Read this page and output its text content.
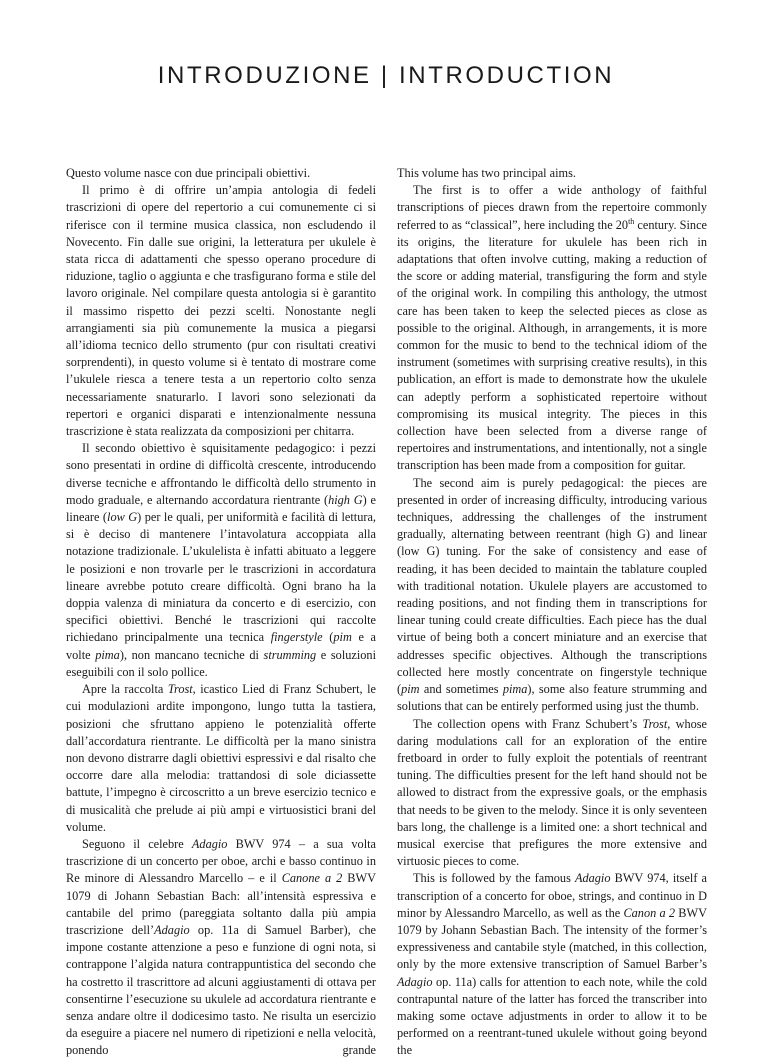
INTRODUZIONE | INTRODUCTION

Questo volume nasce con due principali obiettivi.

Il primo è di offrire un’ampia antologia di fedeli trascrizioni di opere del repertorio a cui comunemente ci si riferisce con il termine musica classica, non escludendo il Novecento. Fin dalle sue origini, la letteratura per ukulele è stata ricca di adattamenti che spesso operano procedure di riduzione, taglio o aggiunta e che trasfigurano forma e stile del lavoro originale. Nel compilare questa antologia si è garantito il massimo rispetto dei pezzi scelti. Nonostante negli arrangiamenti sia più comunemente la musica a piegarsi all’idioma tecnico dello strumento (pur con risultati creativi sorprendenti), in questo volume si è tentato di mostrare come l’ukulele riesca a tenere testa a un repertorio colto senza necessariamente snaturarlo. I lavori sono selezionati da repertori e organici disparati e intenzionalmente nessuna trascrizione è stata realizzata da composizioni per chitarra.

Il secondo obiettivo è squisitamente pedagogico: i pezzi sono presentati in ordine di difficoltà crescente, introducendo diverse tecniche e affrontando le difficoltà dello strumento in modo graduale, e alternando accordatura rientrante (high G) e lineare (low G) per le quali, per uniformità e facilità di lettura, si è deciso di mantenere l’intavolatura accoppiata alla notazione tradizionale. L’ukulelista è infatti abituato a leggere le posizioni e non trovarle per le trascrizioni in accordatura lineare avrebbe potuto creare difficoltà. Ogni brano ha la doppia valenza di miniatura da concerto e di esercizio, con specifici obiettivi. Benché le trascrizioni qui raccolte richiedano principalmente una tecnica fingerstyle (pim e a volte pima), non mancano tecniche di strumming e soluzioni eseguibili con il solo pollice.

Apre la raccolta Trost, icastico Lied di Franz Schubert, le cui modulazioni ardite impongono, lungo tutta la tastiera, posizioni che sfruttano appieno le potenzialità offerte dall’accordatura rientrante. Le difficoltà per la mano sinistra non devono distrarre dagli obiettivi espressivi e dal risalto che occorre dare alla melodia: trattandosi di sole diciassette battute, l’impegno è circoscritto a un breve esercizio tecnico e di musicalità che prelude ai più ampi e virtuosistici brani del volume.

Seguono il celebre Adagio BWV 974 – a sua volta trascrizione di un concerto per oboe, archi e basso continuo in Re minore di Alessandro Marcello – e il Canone a 2 BWV 1079 di Johann Sebastian Bach: all’intensità espressiva e cantabile del primo (pareggiata soltanto dalla più ampia trascrizione dell’Adagio op. 11a di Samuel Barber), che impone costante attenzione a peso e funzione di ogni nota, si contrappone l’algida natura contrappuntistica del secondo che ha costretto il trascrittore ad alcuni aggiustamenti di ottava per consentirne l’esecuzione su ukulele ad accordatura rientrante e senza andare oltre il dodicesimo tasto. Ne risulta un esercizio da eseguire a piacere nel numero di ripetizioni e nella velocità, ponendo grande

This volume has two principal aims.

The first is to offer a wide anthology of faithful transcriptions of pieces drawn from the repertoire commonly referred to as “classical”, here including the 20th century. Since its origins, the literature for ukulele has been rich in adaptations that often involve cutting, making a reduction of the score or adding material, transfiguring the form and style of the original work. In compiling this anthology, the utmost care has been taken to keep the selected pieces as close as possible to the original. Although, in arrangements, it is more common for the music to bend to the technical idiom of the instrument (sometimes with surprising creative results), in this publication, an effort is made to demonstrate how the ukulele can adeptly perform a sophisticated repertoire without compromising its musical integrity. The pieces in this collection have been selected from a diverse range of repertoires and instrumentations, and intentionally, not a single transcription has been made from a composition for guitar.

The second aim is purely pedagogical: the pieces are presented in order of increasing difficulty, introducing various techniques, addressing the challenges of the instrument gradually, alternating between reentrant (high G) and linear (low G) tuning. For the sake of consistency and ease of reading, it has been decided to maintain the tablature coupled with traditional notation. Ukulele players are accustomed to reading positions, and not finding them in transcriptions for linear tuning could create difficulties. Each piece has the dual virtue of being both a concert miniature and an exercise that addresses specific objectives. Although the transcriptions collected here mostly concentrate on fingerstyle technique (pim and sometimes pima), some also feature strumming and solutions that can be entirely performed using just the thumb.

The collection opens with Franz Schubert’s Trost, whose daring modulations call for an exploration of the entire fretboard in order to fully exploit the potentials of reentrant tuning. The difficulties present for the left hand should not be allowed to distract from the expressive goals, or the emphasis that needs to be given to the melody. Since it is only seventeen bars long, the challenge is a limited one: a short technical and musical exercise that prefigures the more extensive and virtuosic pieces to come.

This is followed by the famous Adagio BWV 974, itself a transcription of a concerto for oboe, strings, and continuo in D minor by Alessandro Marcello, as well as the Canon a 2 BWV 1079 by Johann Sebastian Bach. The intensity of the former’s expressiveness and cantabile style (matched, in this collection, only by the more extensive transcription of Samuel Barber’s Adagio op. 11a) calls for attention to each note, while the cold contrapuntal nature of the latter has forced the transcriber into making some octave adjustments in order to allow it to be performed on a reentrant-tuned ukulele without going beyond the
